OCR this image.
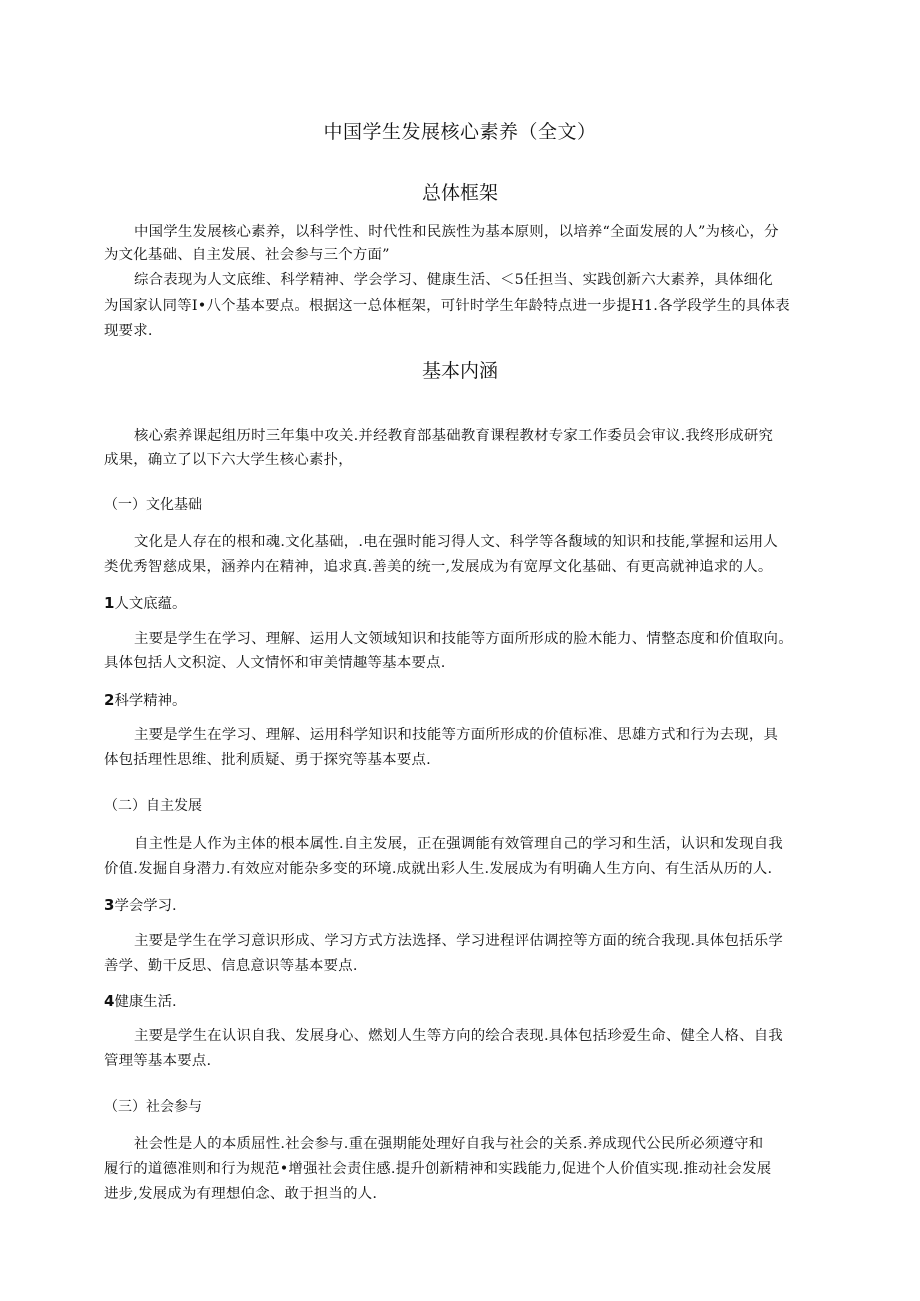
中国学生发展核心素养（全文）
总体框架
中国学生发展核心素养，以科学性、时代性和民族性为基本原则，以培养“全面发展的人”为核心，分
为文化基础、自主发展、社会参与三个方面”
综合表现为人文底维、科学精神、学会学习、健康生活、＜5任担当、实践创新六大素养，具体细化
为国家认同等I•八个基本要点。根据这一总体框架，可针时学生年龄特点进一步提H1.各学段学生的具体表
现要求.
基本内涵
核心索养课起组历时三年集中攻关.并经教育部基础教育课程教材专家工作委员会审议.我终形成研究
成果，确立了以下六大学生核心素扑，
（一）文化基础
文化是人存在的根和魂.文化基础，.电在强时能习得人文、科学等各馥域的知识和技能,掌握和运用人
类优秀智慈成果，涵养内在精神，追求真.善美的统一,发展成为有宽厚文化基础、有更高就神追求的人。
1人文底蕴。
主要是学生在学习、理解、运用人文领域知识和技能等方面所形成的脸木能力、情整态度和价值取向。
具体包括人文积淀、人文情怀和审美情趣等基本要点.
2科学精神。
主要是学生在学习、理解、运用科学知识和技能等方面所形成的价值标准、思雄方式和行为去现，具
体包括理性思维、批利质疑、勇于探究等基本要点.
（二）自主发展
自主性是人作为主体的根本属性.自主发展，正在强调能有效管理自己的学习和生活，认识和发现自我
价值.发掘自身潜力.有效应对能杂多变的环境.成就出彩人生.发展成为有明确人生方向、有生活从历的人.
3学会学习.
主要是学生在学习意识形成、学习方式方法选择、学习进程评估调控等方面的统合我现.具体包括乐学
善学、勤干反思、信息意识等基本要点.
4健康生活.
主要是学生在认识自我、发展身心、燃划人生等方向的绘合表现.具体包括珍爱生命、健全人格、自我
管理等基本要点.
（三）社会参与
社会性是人的本质屈性.社会参与.重在强期能处理好自我与社会的关系.养成现代公民所必须遵守和
履行的道德准则和行为规范•增强社会责住感.提升创新精神和实践能力,促进个人价值实现.推动社会发展
进步,发展成为有理想伯念、敢于担当的人.
